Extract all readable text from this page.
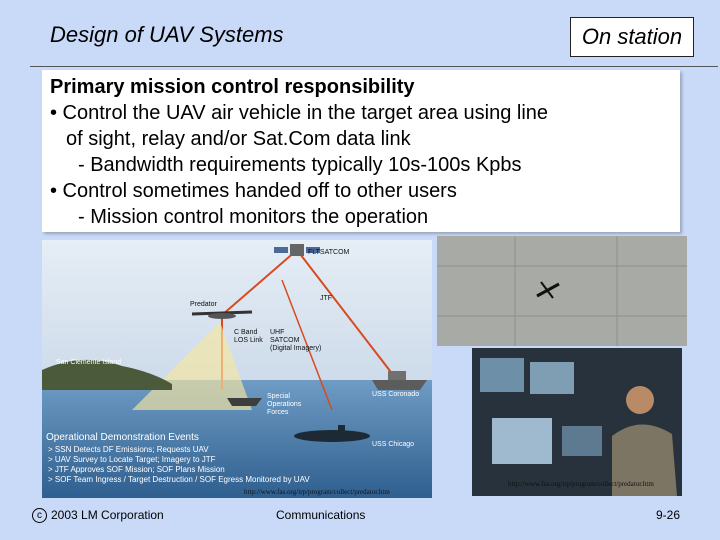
Design of UAV Systems	On station
Primary mission control responsibility
• Control the UAV air vehicle in the target area using line
of sight, relay and/or Sat.Com data link
- Bandwidth requirements typically 10s-100s Kpbs
• Control sometimes handed off to other users
- Mission control monitors the operation
FLTSATCOM
Predator
JTF
C Band
LOS Link
UHF
SATCOM
(Digital Imagery)
San Clemente Island
USS Coronado
Special
Operations
Forces
USS Chicago
Operational Demonstration Events
> SSN Detects DF Emissions; Requests UAV
> UAV Survey to Locate Target; Imagery to JTF
> JTF Approves SOF Mission; SOF Plans Mission
> SOF Team Ingress / Target Destruction / SOF Egress Monitored by UAV
http://www.fas.org/irp/program/collect/predator.htm
http://www.fas.org/irp/program/collect/predator.htm
c 2003 LM Corporation	Communications	9-26
